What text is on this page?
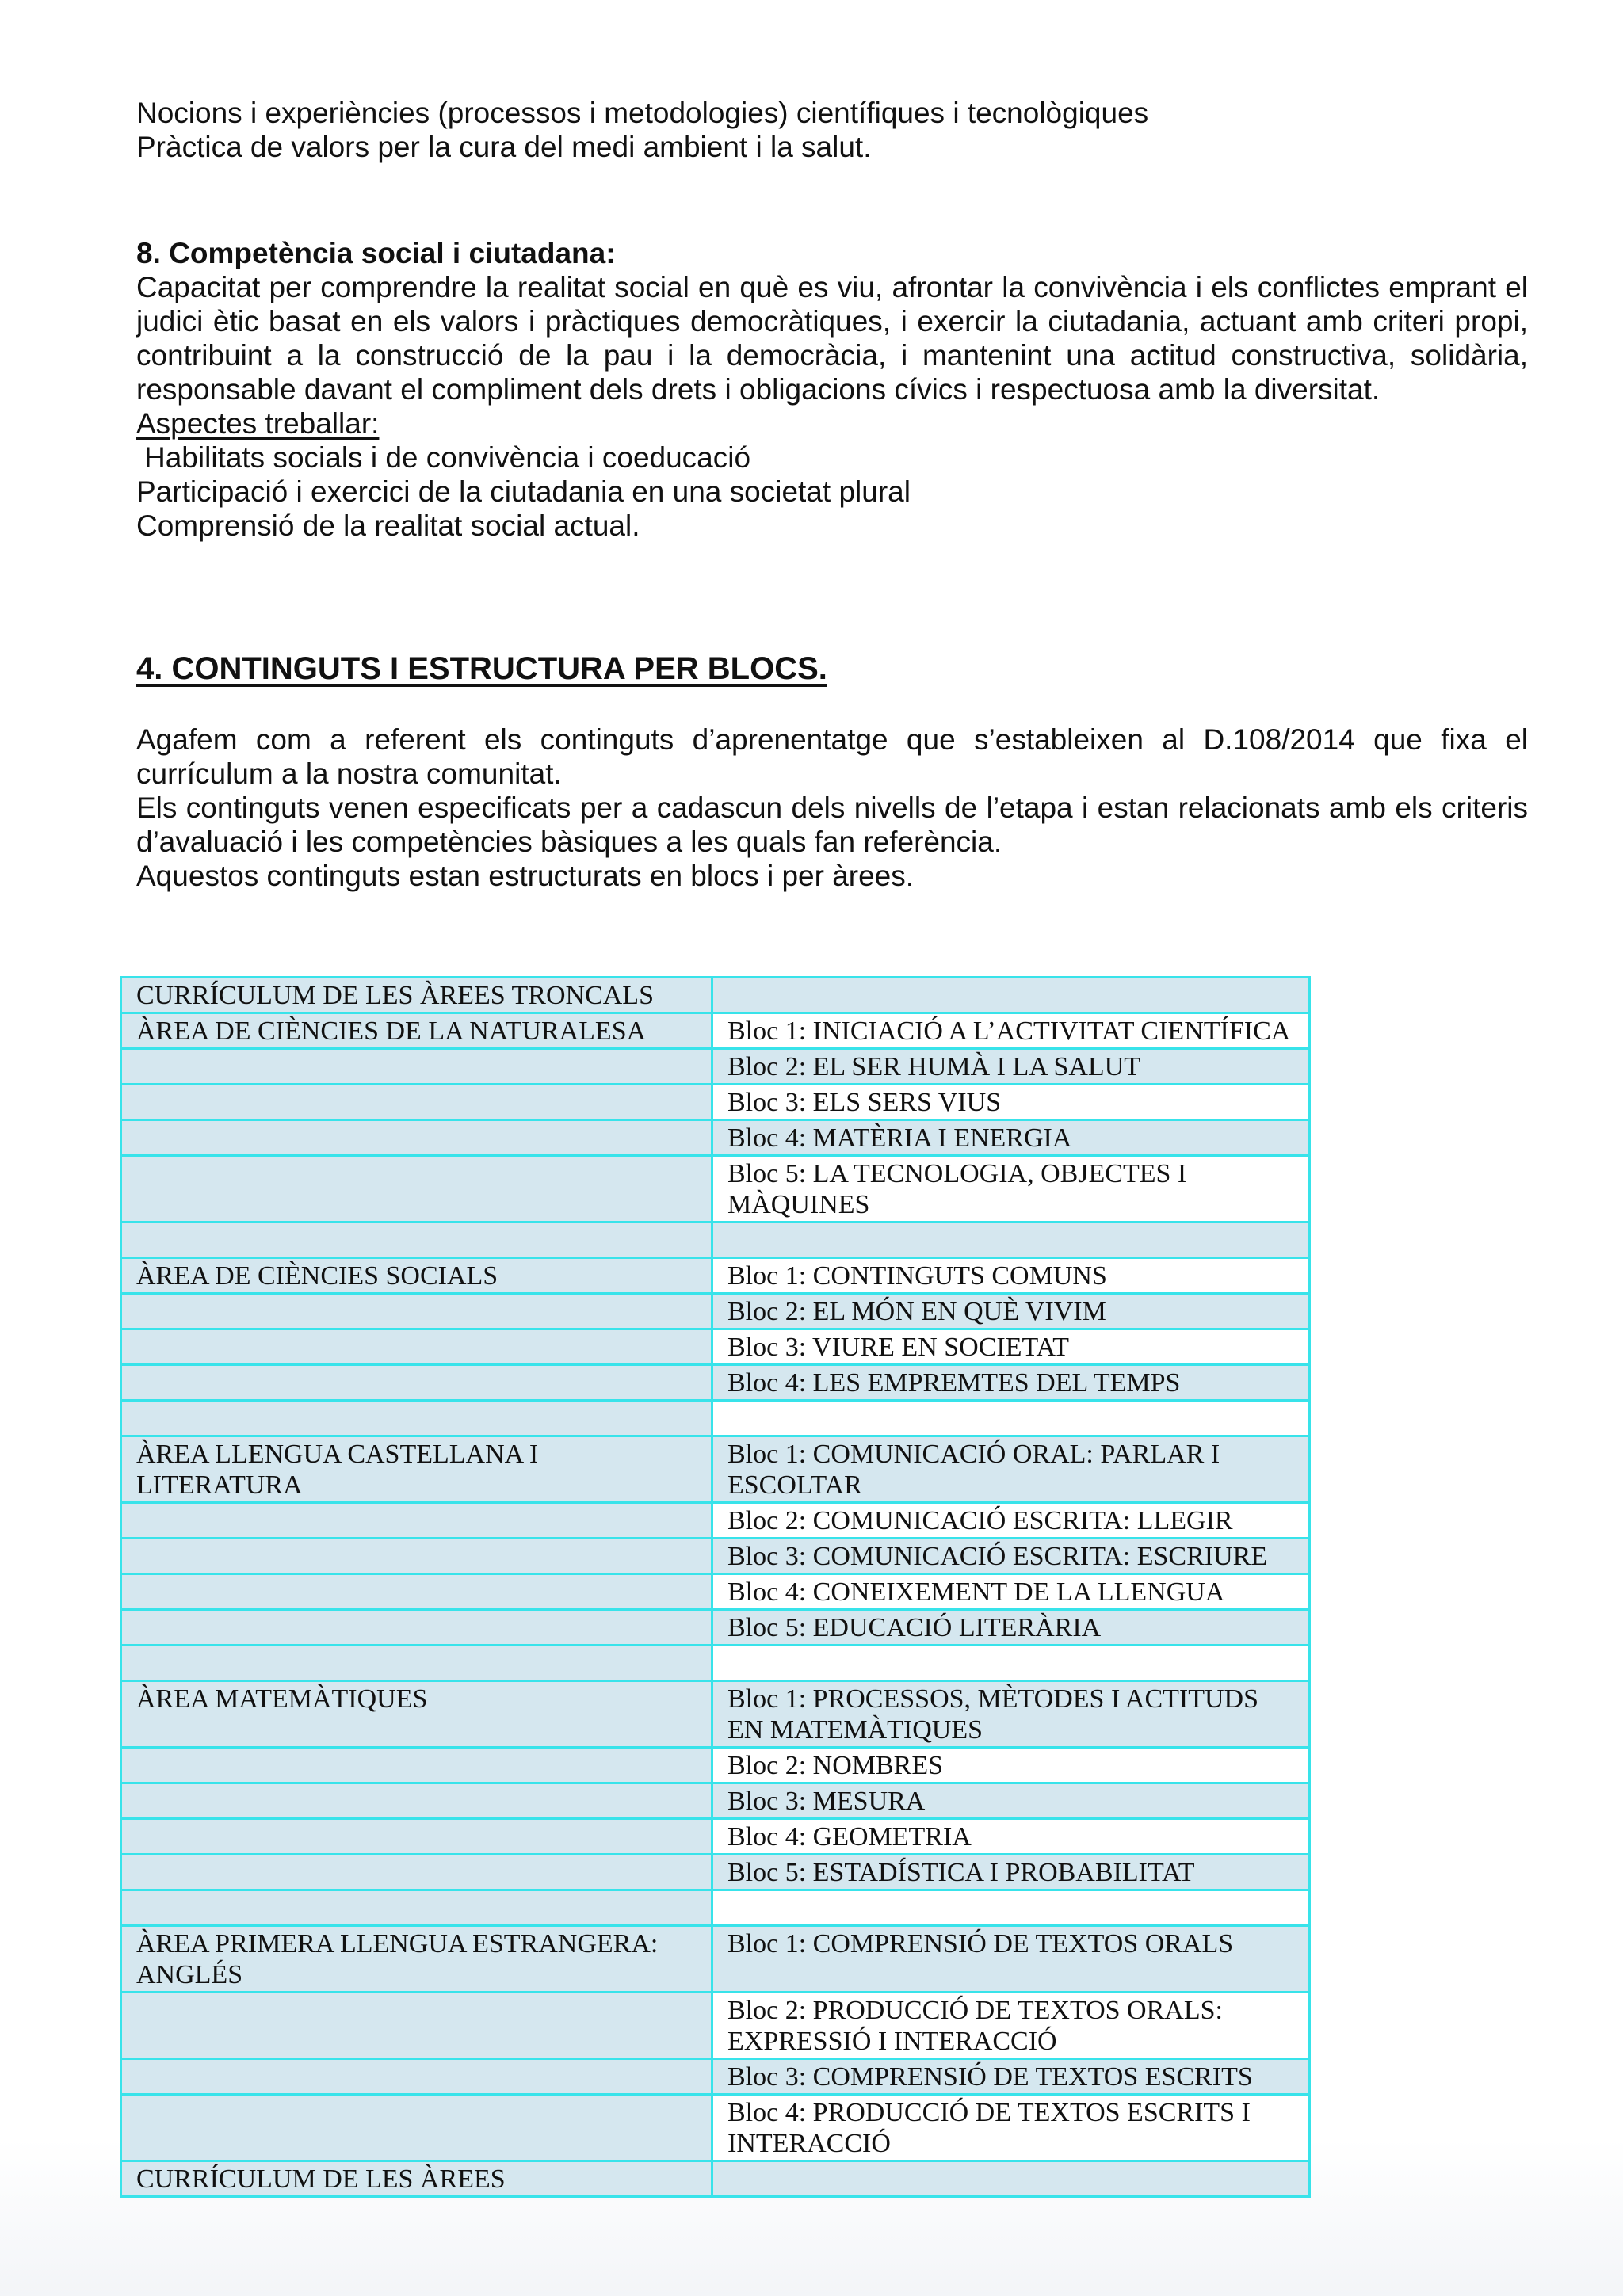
Nocions i experiències (processos i metodologies) científiques i tecnològiques
Pràctica de valors per la cura del medi ambient i la salut.
8. Competència social i ciutadana:
Capacitat per comprendre la realitat social en què es viu, afrontar la convivència i els conflictes emprant el judici ètic basat en els valors i pràctiques democràtiques, i exercir la ciutadania, actuant amb criteri propi, contribuint a la construcció de la pau i la democràcia, i mantenint una actitud constructiva, solidària, responsable davant el compliment dels drets i obligacions cívics i respectuosa amb la diversitat.
Aspectes treballar:
Habilitats socials i de convivència i coeducació
Participació i exercici de la ciutadania en una societat plural
Comprensió de la realitat social actual.
4. CONTINGUTS I ESTRUCTURA PER BLOCS.
Agafem com a referent els continguts d’aprenentatge que s’estableixen al D.108/2014 que fixa el currículum a la nostra comunitat.
Els continguts venen especificats per a cadascun dels nivells de l’etapa i estan relacionats amb els criteris d’avaluació i les competències bàsiques a les quals fan referència.
Aquestos continguts estan estructurats en blocs i per àrees.
CURRÍCULUM DE LES ÀREES TRONCALS	
ÀREA DE CIÈNCIES DE LA NATURALESA	Bloc 1: INICIACIÓ A L’ACTIVITAT CIENTÍFICA
	Bloc 2: EL SER HUMÀ I LA SALUT
	Bloc 3: ELS SERS VIUS
	Bloc 4: MATÈRIA I ENERGIA
	Bloc 5: LA TECNOLOGIA, OBJECTES I MÀQUINES

ÀREA DE CIÈNCIES SOCIALS	Bloc 1: CONTINGUTS COMUNS
	Bloc 2: EL MÓN EN QUÈ VIVIM
	Bloc 3: VIURE EN SOCIETAT
	Bloc 4: LES EMPREMTES DEL TEMPS

ÀREA LLENGUA CASTELLANA I LITERATURA	Bloc 1: COMUNICACIÓ ORAL: PARLAR I ESCOLTAR
	Bloc 2: COMUNICACIÓ ESCRITA: LLEGIR
	Bloc 3: COMUNICACIÓ ESCRITA: ESCRIURE
	Bloc 4: CONEIXEMENT DE LA LLENGUA
	Bloc 5: EDUCACIÓ LITERÀRIA

ÀREA MATEMÀTIQUES	Bloc 1: PROCESSOS, MÈTODES I ACTITUDS EN MATEMÀTIQUES
	Bloc 2: NOMBRES
	Bloc 3: MESURA
	Bloc 4: GEOMETRIA
	Bloc 5: ESTADÍSTICA I PROBABILITAT

ÀREA PRIMERA LLENGUA ESTRANGERA: ANGLÉS	Bloc 1: COMPRENSIÓ DE TEXTOS ORALS
	Bloc 2: PRODUCCIÓ DE TEXTOS ORALS: EXPRESSIÓ I INTERACCIÓ
	Bloc 3: COMPRENSIÓ DE TEXTOS ESCRITS
	Bloc 4: PRODUCCIÓ DE TEXTOS ESCRITS I INTERACCIÓ
CURRÍCULUM DE LES ÀREES	
